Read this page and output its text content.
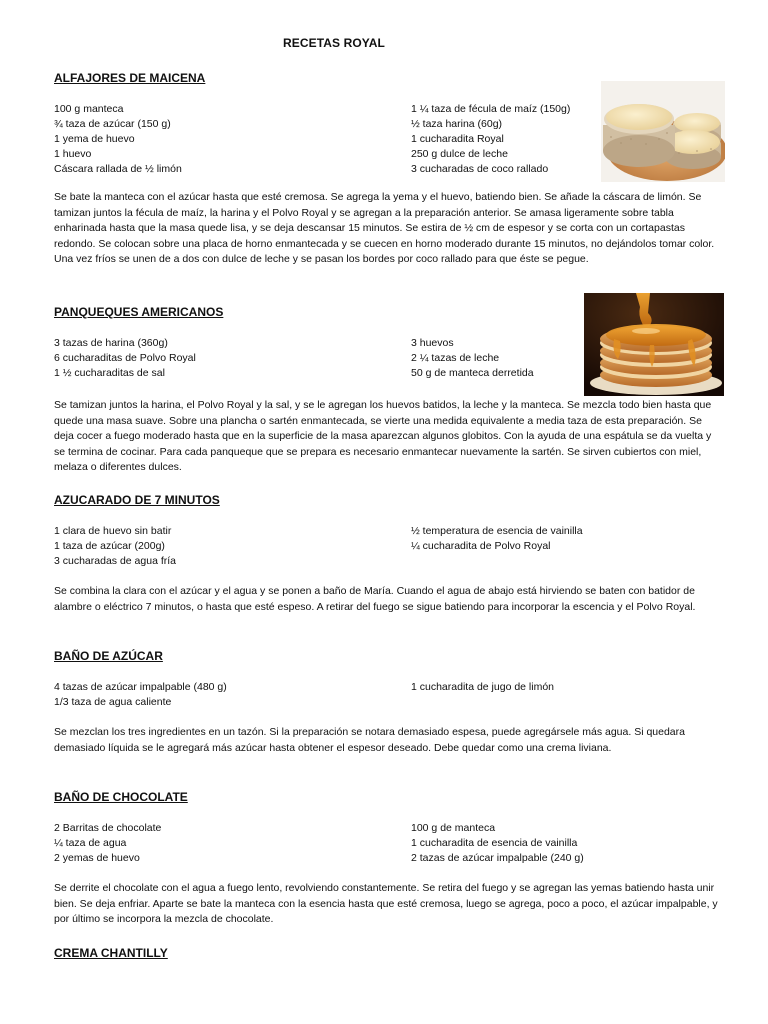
RECETAS ROYAL
ALFAJORES DE MAICENA
100 g manteca
¾ taza de azúcar (150 g)
1 yema de huevo
1 huevo
Cáscara rallada de ½ limón
1 ¼ taza de fécula de maíz (150g)
½ taza harina (60g)
1 cucharadita Royal
250 g dulce de leche
3 cucharadas de coco rallado
Se bate la manteca con el azúcar hasta que esté cremosa. Se agrega la yema y el huevo, batiendo bien. Se añade la cáscara de limón. Se tamizan juntos la fécula de maíz, la harina y el Polvo Royal y se agregan a la preparación anterior. Se amasa ligeramente sobre tabla enharinada hasta que la masa quede lisa, y se deja descansar 15 minutos. Se estira de ½ cm de espesor y se corta con un cortapastas redondo. Se colocan sobre una placa de horno enmantecada y se cuecen en horno moderado durante 15 minutos, no dejándolos tomar color. Una vez fríos se unen de a dos con dulce de leche y se pasan los bordes por coco rallado para que éste se pegue.
PANQUEQUES AMERICANOS
3 tazas de harina (360g)
6 cucharaditas de Polvo Royal
1 ½ cucharaditas de sal
3 huevos
2 ¼ tazas de leche
50 g de manteca derretida
Se tamizan juntos la harina, el Polvo Royal y la sal, y se le agregan los huevos batidos, la leche y la manteca. Se mezcla todo bien hasta que quede una masa suave. Sobre una plancha o sartén enmantecada, se vierte una medida equivalente a media taza de esta preparación. Se deja cocer a fuego moderado hasta que en la superficie de la masa aparezcan algunos globitos. Con la ayuda de una espátula se da vuelta y se termina de cocinar. Para cada panqueque que se prepara es necesario enmantecar nuevamente la sartén. Se sirven cubiertos con miel, melaza o diferentes dulces.
AZUCARADO DE 7 MINUTOS
1 clara de huevo sin batir
1 taza de azúcar (200g)
3 cucharadas de agua fría
½ temperatura de esencia de vainilla
¼ cucharadita de Polvo Royal
Se combina la clara con el azúcar y el agua y se ponen a baño de María. Cuando el agua de abajo está hirviendo se baten con batidor de alambre o eléctrico 7 minutos, o hasta que esté espeso. A retirar del fuego se sigue batiendo para incorporar la escencia y el Polvo Royal.
BAÑO DE AZÚCAR
4 tazas de azúcar impalpable (480 g)
1/3 taza de agua caliente
1 cucharadita de jugo de limón
Se mezclan los tres ingredientes en un tazón. Si la preparación se notara demasiado espesa, puede agregársele más agua. Si quedara demasiado líquida se le agregará más azúcar hasta obtener el espesor deseado. Debe quedar como una crema liviana.
BAÑO DE CHOCOLATE
2 Barritas de chocolate
¼ taza de agua
2 yemas de huevo
100 g de manteca
1 cucharadita de esencia de vainilla
2 tazas de azúcar impalpable (240 g)
Se derrite el chocolate con el agua a fuego lento, revolviendo constantemente. Se retira del fuego y se agregan las yemas batiendo hasta unir bien. Se deja enfriar. Aparte se bate la manteca con la esencia hasta que esté cremosa, luego se agrega, poco a poco, el azúcar impalpable, y por último se incorpora la mezcla de chocolate.
CREMA CHANTILLY
